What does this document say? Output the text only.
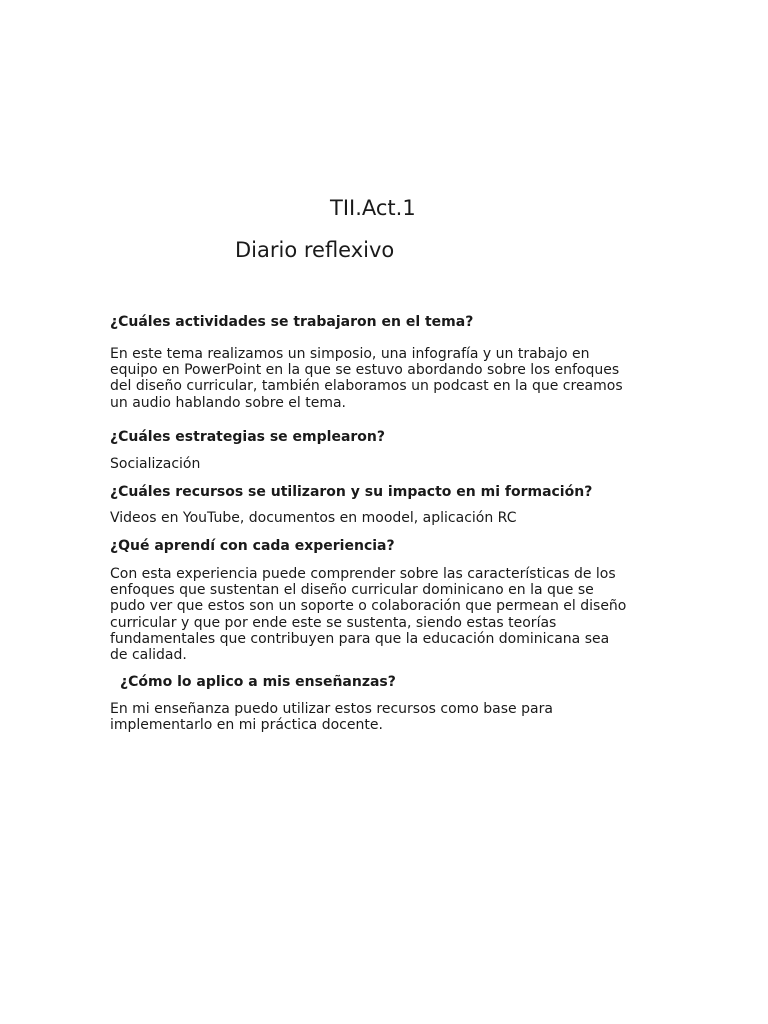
TII.Act.1
Diario reflexivo

¿Cuáles actividades se trabajaron en el tema?

En este tema realizamos un simposio, una infografía y un trabajo en
equipo en PowerPoint en la que se estuvo abordando sobre los enfoques
del diseño curricular, también elaboramos un podcast en la que creamos
un audio hablando sobre el tema.

¿Cuáles estrategias se emplearon?

Socialización

¿Cuáles recursos se utilizaron y su impacto en mi formación?

Videos en YouTube, documentos en moodel, aplicación RC

¿Qué aprendí con cada experiencia?

Con esta experiencia puede comprender sobre las características de los
enfoques que sustentan el diseño curricular dominicano en la que se
pudo ver que estos son un soporte o colaboración que permean el diseño
curricular y que por ende este se sustenta, siendo estas teorías
fundamentales que contribuyen para que la educación dominicana sea
de calidad.

¿Cómo lo aplico a mis enseñanzas?

En mi enseñanza puedo utilizar estos recursos como base para
implementarlo en mi práctica docente.
